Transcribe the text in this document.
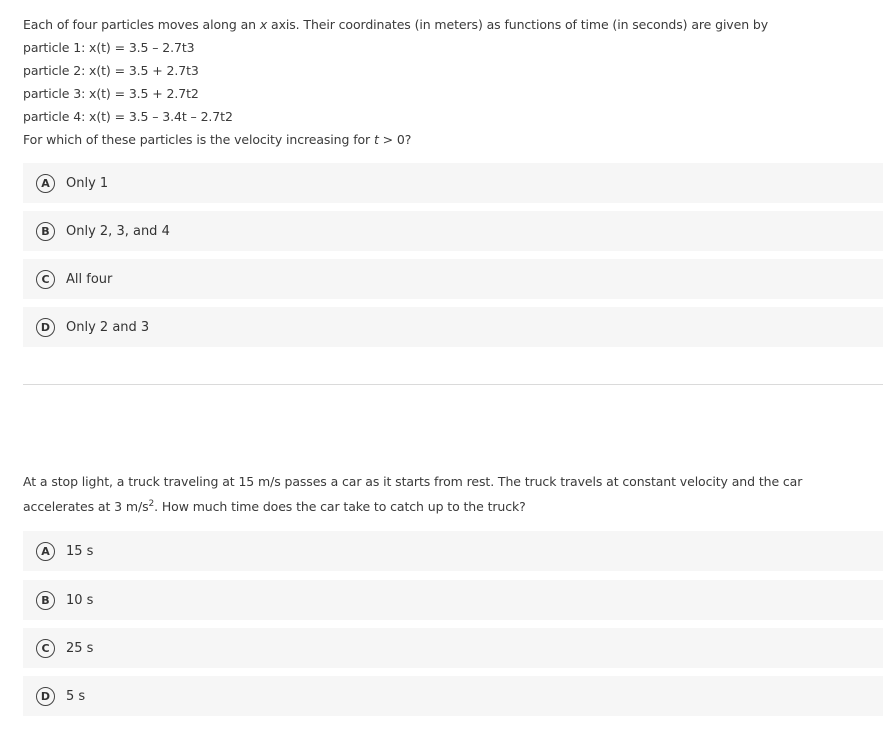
Each of four particles moves along an x axis. Their coordinates (in meters) as functions of time (in seconds) are given by
particle 1: x(t) = 3.5 – 2.7t3
particle 2: x(t) = 3.5 + 2.7t3
particle 3: x(t) = 3.5 + 2.7t2
particle 4: x(t) = 3.5 – 3.4t – 2.7t2
For which of these particles is the velocity increasing for t > 0?
A	Only 1
B	Only 2, 3, and 4
C	All four
D	Only 2 and 3
At a stop light, a truck traveling at 15 m/s passes a car as it starts from rest. The truck travels at constant velocity and the car
accelerates at 3 $m/s^2$. How much time does the car take to catch up to the truck?
A	15 s
B	10 s
C	25 s
D	5 s
